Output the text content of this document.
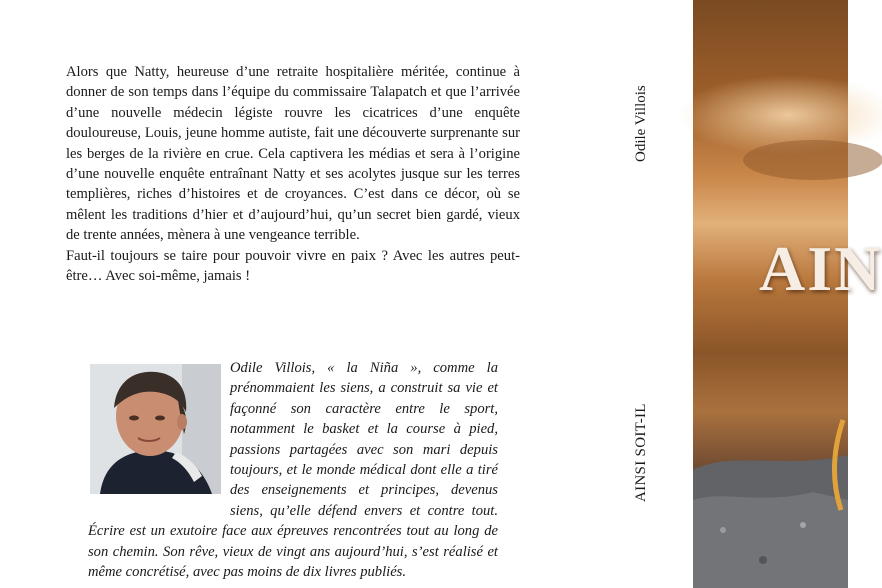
Alors que Natty, heureuse d’une retraite hospitalière méritée, continue à donner de son temps dans l’équipe du commissaire Talapatch et que l’arrivée d’une nouvelle médecin légiste rouvre les cicatrices d’une enquête douloureuse, Louis, jeune homme autiste, fait une découverte surprenante sur les berges de la rivière en crue. Cela captivera les médias et sera à l’origine d’une nouvelle enquête entraînant Natty et ses acolytes jusque sur les terres templières, riches d’histoires et de croyances. C’est dans ce décor, où se mêlent les traditions d’hier et d’aujourd’hui, qu’un secret bien gardé, vieux de trente années, mènera à une vengeance terrible.

Faut-il toujours se taire pour pouvoir vivre en paix ? Avec les autres peut-être… Avec soi-même, jamais !

Odile Villois, « la Niña », comme la prénommaient les siens, a construit sa vie et façonné son caractère entre le sport, notamment le basket et la course à pied, passions partagées avec son mari depuis toujours, et le monde médical dont elle a tiré des enseignements et principes, devenus siens, qu’elle défend envers et contre tout. Écrire est un exutoire face aux épreuves rencontrées tout au long de son chemin. Son rêve, vieux de vingt ans aujourd’hui, s’est réalisé et même concrétisé, avec pas moins de dix livres publiés.

Odile Villois
AINSI SOIT-IL
AIN
